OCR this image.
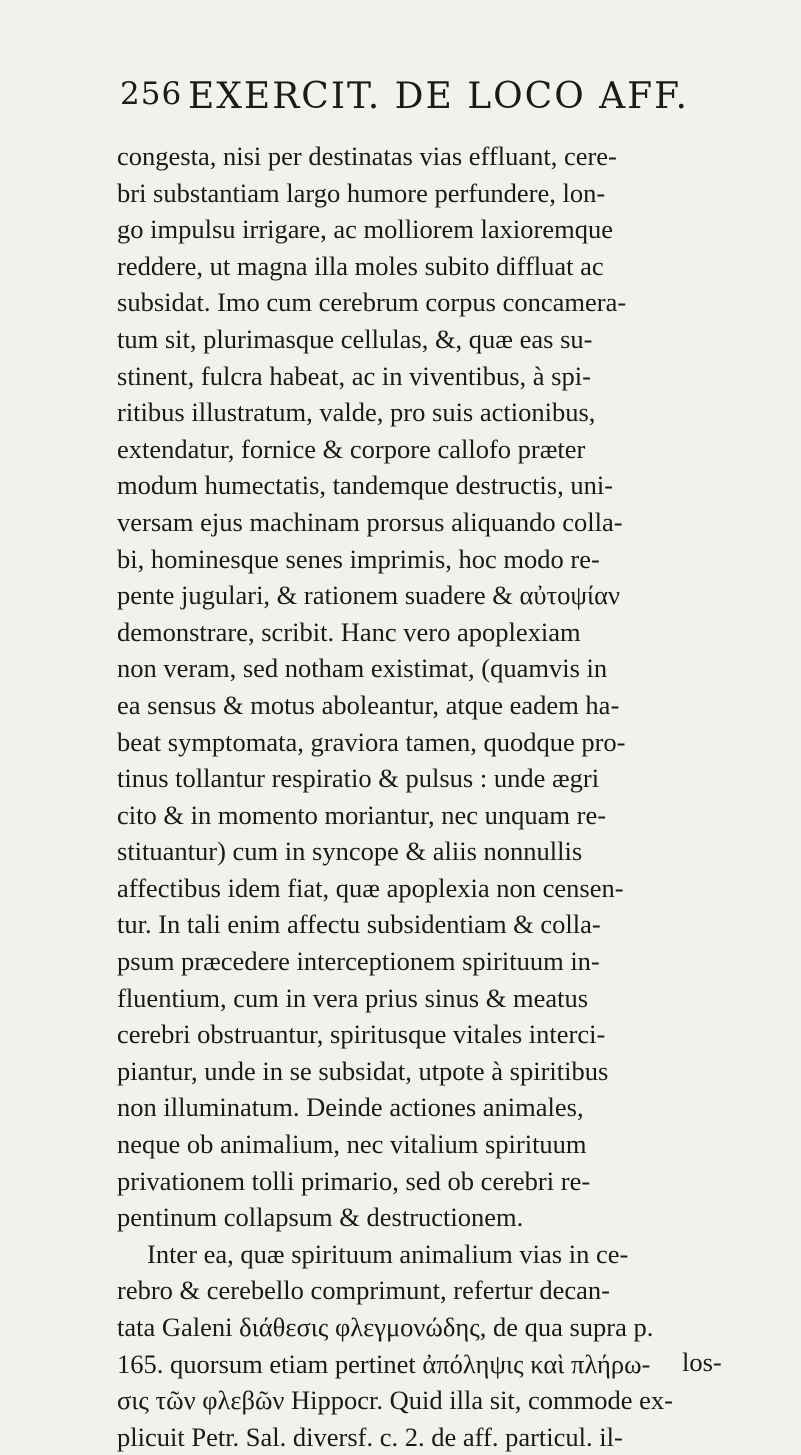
256 EXERCIT. DE LOCO AFF.
congesta, nisi per destinatas vias effluant, cere-
bri substantiam largo humore perfundere, lon-
go impulsu irrigare, ac molliorem laxioremque
reddere, ut magna illa moles subito diffluat ac
subsidat. Imo cum cerebrum corpus concamera-
tum sit, plurimasque cellulas, &, quæ eas su-
stinent, fulcra habeat, ac in viventibus, à spi-
ritibus illustratum, valde, pro suis actionibus,
extendatur, fornice & corpore callofo præter
modum humectatis, tandemque destructis, uni-
versam ejus machinam prorsus aliquando colla-
bi, hominesque senes imprimis, hoc modo re-
pente jugulari, & rationem suadere & αὐτοψίαν
demonstrare, scribit. Hanc vero apoplexiam
non veram, sed notham existimat, (quamvis in
ea sensus & motus aboleantur, atque eadem ha-
beat symptomata, graviora tamen, quodque pro-
tinus tollantur respiratio & pulsus : unde ægri
cito & in momento moriantur, nec unquam re-
stituantur) cum in syncope & aliis nonnullis
affectibus idem fiat, quæ apoplexia non censen-
tur. In tali enim affectu subsidentiam & colla-
psum præcedere interceptionem spirituum in-
fluentium, cum in vera prius sinus & meatus
cerebri obstruantur, spiritusque vitales interci-
piantur, unde in se subsidat, utpote à spiritibus
non illuminatum. Deinde actiones animales,
neque ob animalium, nec vitalium spirituum
privationem tolli primario, sed ob cerebri re-
pentinum collapsum & destructionem.
Inter ea, quæ spirituum animalium vias in ce-
rebro & cerebello comprimunt, refertur decan-
tata Galeni διάθεσις φλεγμονώδης, de qua supra p.
165. quorsum etiam pertinet ἀπόληψις καὶ πλήρω-
σις τῶν φλεβῶν Hippocr. Quid illa sit, commode ex-
plicuit Petr. Sal. diversf. c. 2. de aff. particul. il-
los-
